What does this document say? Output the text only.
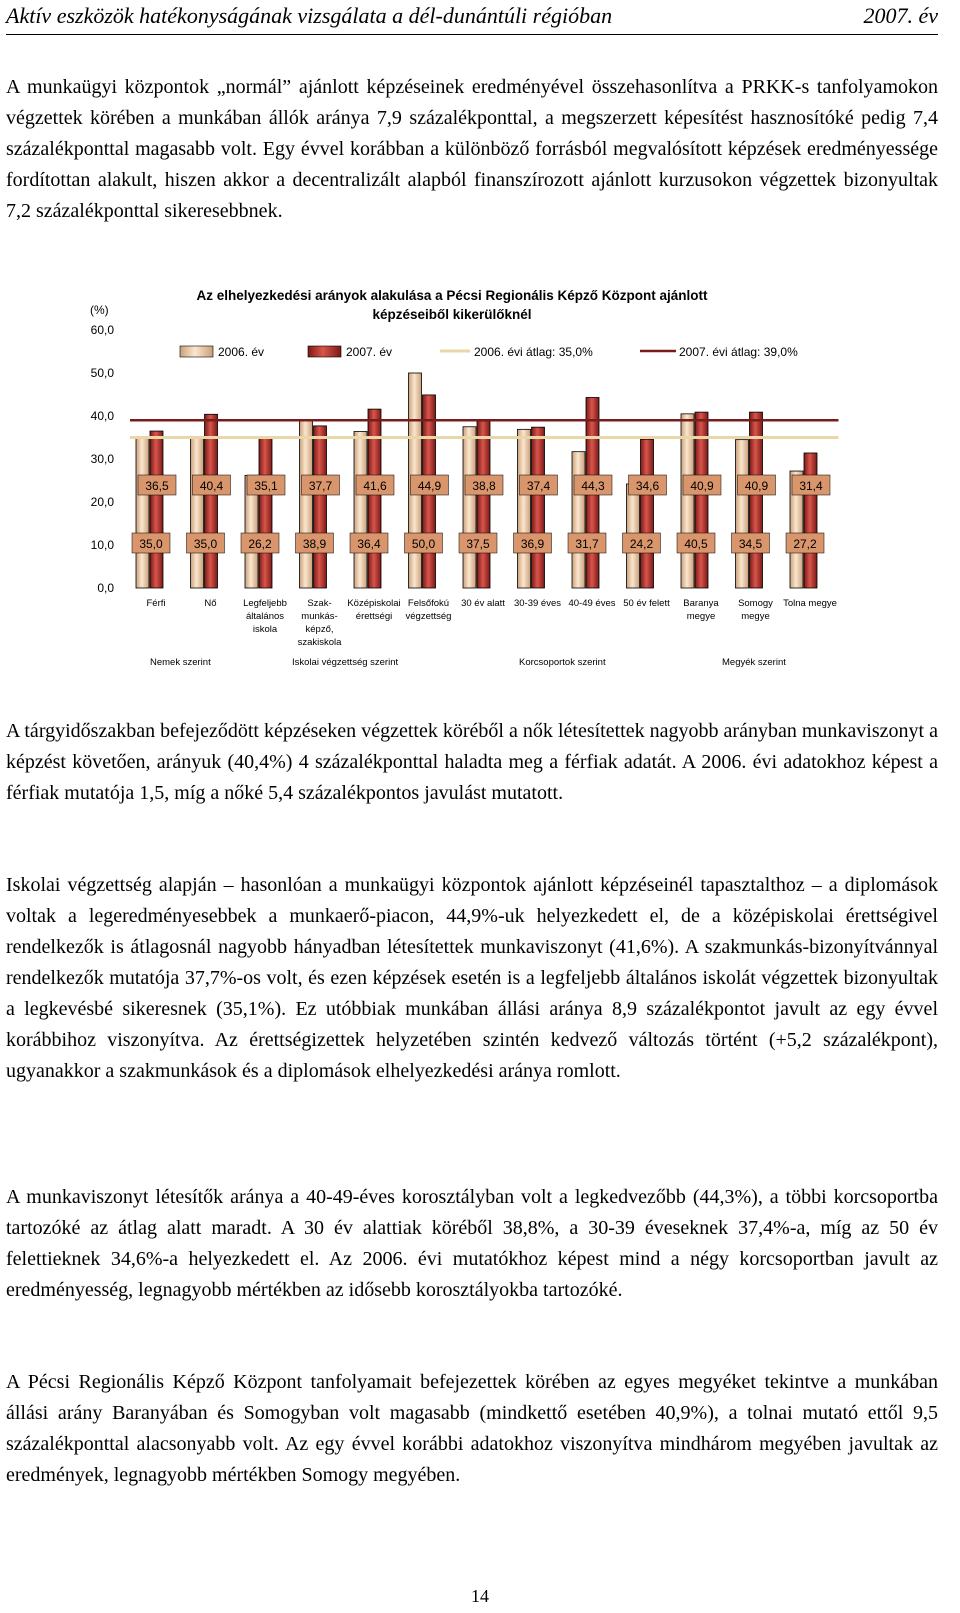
Aktív eszközök hatékonyságának vizsgálata a dél-dunántúli régióban	2007. év

A munkaügyi központok „normál” ajánlott képzéseinek eredményével összehasonlítva a PRKK-s tanfolyamokon végzettek körében a munkában állók aránya 7,9 százalékponttal, a megszerzett képesítést hasznosítóké pedig 7,4 százalékponttal magasabb volt. Egy évvel korábban a különböző forrásból megvalósított képzések eredményessége fordítottan alakult, hiszen akkor a decentralizált alapból finanszírozott ajánlott kurzusokon végzettek bizonyultak 7,2 százalékponttal sikeresebbnek.

0,0
10,0
20,0
30,0
40,0
50,0
60,0
(%)
Az elhelyezkedési arányok alakulása a Pécsi Regionális Képző Központ ajánlott
képzéseiből kikerülőknél
2006. év	2007. év	2006. évi átlag: 35,0%	2007. évi átlag: 39,0%
36,5
35,0
Férfi
40,4
35,0
Nő
35,1
26,2
Legfeljebb
általános
iskola
37,7
38,9
Szak-
munkás-
képző,
szakiskola
41,6
36,4
Középiskolai
érettségi
44,9
50,0
Felsőfokú
végzettség
38,8
37,5
30 év alatt
37,4
36,9
30-39 éves
44,3
31,7
40-49 éves
34,6
24,2
50 év felett
40,9
40,5
Baranya
megye
40,9
34,5
Somogy
megye
31,4
27,2
Tolna megye
Nemek szerint	Iskolai végzettség szerint	Korcsoportok szerint	Megyék szerint

A tárgyidőszakban befejeződött képzéseken végzettek köréből a nők létesítettek nagyobb arányban munkaviszonyt a képzést követően, arányuk (40,4%) 4 százalékponttal haladta meg a férfiak adatát. A 2006. évi adatokhoz képest a férfiak mutatója 1,5, míg a nőké 5,4 százalékpontos javulást mutatott.

Iskolai végzettség alapján – hasonlóan a munkaügyi központok ajánlott képzéseinél tapasztalthoz – a diplomások voltak a legeredményesebbek a munkaerő-piacon, 44,9%-uk helyezkedett el, de a középiskolai érettségivel rendelkezők is átlagosnál nagyobb hányadban létesítettek munkaviszonyt (41,6%). A szakmunkás-bizonyítvánnyal rendelkezők mutatója 37,7%-os volt, és ezen képzések esetén is a legfeljebb általános iskolát végzettek bizonyultak a legkevésbé sikeresnek (35,1%). Ez utóbbiak munkában állási aránya 8,9 százalékpontot javult az egy évvel korábbihoz viszonyítva. Az érettségizettek helyzetében szintén kedvező változás történt (+5,2 százalékpont), ugyanakkor a szakmunkások és a diplomások elhelyezkedési aránya romlott.

A munkaviszonyt létesítők aránya a 40-49-éves korosztályban volt a legkedvezőbb (44,3%), a többi korcsoportba tartozóké az átlag alatt maradt. A 30 év alattiak köréből 38,8%, a 30-39 éveseknek 37,4%-a, míg az 50 év felettieknek 34,6%-a helyezkedett el. Az 2006. évi mutatókhoz képest mind a négy korcsoportban javult az eredményesség, legnagyobb mértékben az idősebb korosztályokba tartozóké.

A Pécsi Regionális Képző Központ tanfolyamait befejezettek körében az egyes megyéket tekintve a munkában állási arány Baranyában és Somogyban volt magasabb (mindkettő esetében 40,9%), a tolnai mutató ettől 9,5 százalékponttal alacsonyabb volt. Az egy évvel korábbi adatokhoz viszonyítva mindhárom megyében javultak az eredmények, legnagyobb mértékben Somogy megyében.

14
